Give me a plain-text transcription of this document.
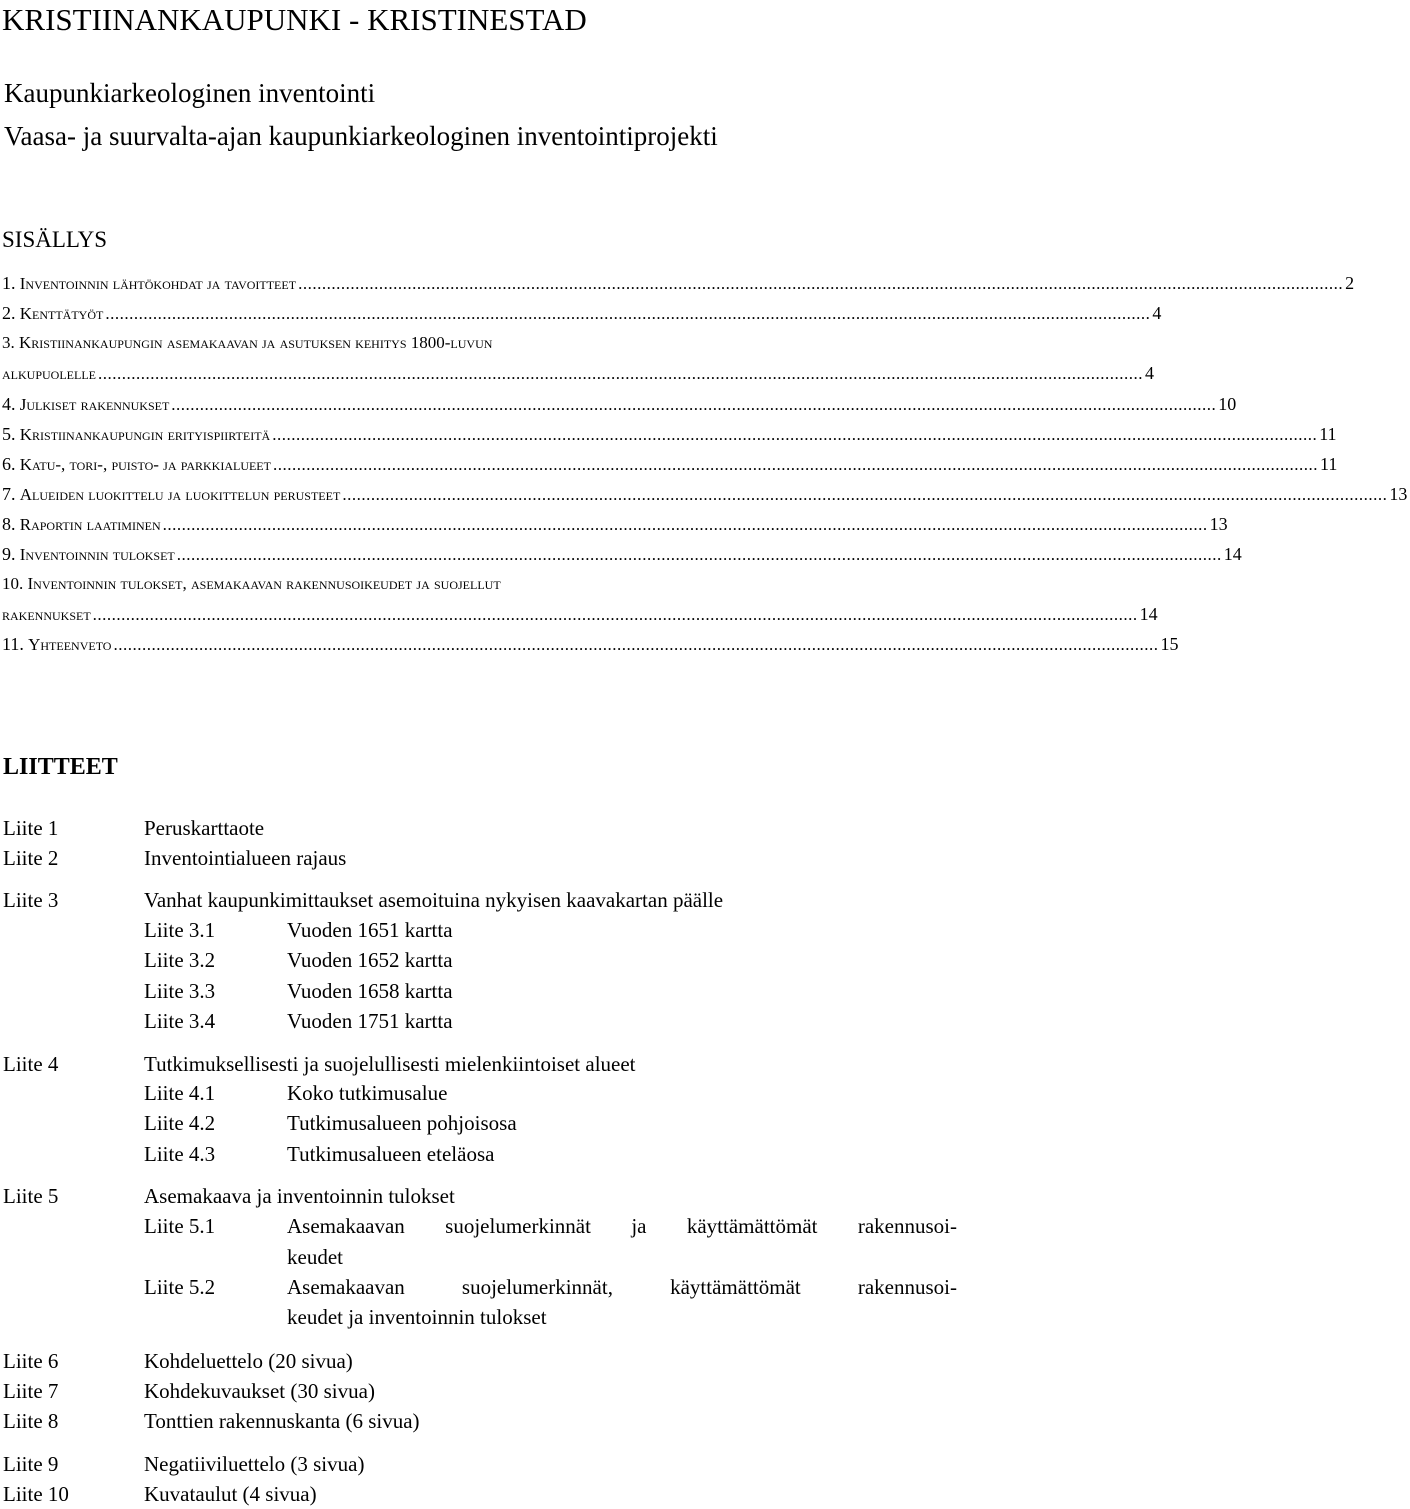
KRISTIINANKAUPUNKI - KRISTINESTAD
Kaupunkiarkeologinen inventointi
Vaasa- ja suurvalta-ajan kaupunkiarkeologinen inventointiprojekti
SISÄLLYS
1. Inventoinnin lähtökohdat ja tavoitteet ............................................................................................................................................................................................................................ 2
2. Kenttätyöt ............................................................................................................................................................................................................................ 4
3. Kristiinankaupungin asemakaavan ja asutuksen kehitys 1800-luvun
alkupuolelle ............................................................................................................................................................................................................................ 4
4. Julkiset rakennukset ............................................................................................................................................................................................................................ 10
5. Kristiinankaupungin erityispiirteitä ............................................................................................................................................................................................................................ 11
6. Katu-, tori-, puisto- ja parkkialueet ............................................................................................................................................................................................................................ 11
7. Alueiden luokittelu ja luokittelun perusteet ............................................................................................................................................................................................................................ 13
8. Raportin laatiminen ............................................................................................................................................................................................................................ 13
9. Inventoinnin tulokset ............................................................................................................................................................................................................................ 14
10. Inventoinnin tulokset, asemakaavan rakennusoikeudet ja suojellut
rakennukset ............................................................................................................................................................................................................................ 14
11. Yhteenveto ............................................................................................................................................................................................................................ 15
LIITTEET
Liite 1	Peruskarttaote
Liite 2	Inventointialueen rajaus
Liite 3	Vanhat kaupunkimittaukset asemoituina nykyisen kaavakartan päälle
Liite 3.1	Vuoden 1651 kartta
Liite 3.2	Vuoden 1652 kartta
Liite 3.3	Vuoden 1658 kartta
Liite 3.4	Vuoden 1751 kartta
Liite 4	Tutkimuksellisesti ja suojelullisesti mielenkiintoiset alueet
Liite 4.1	Koko tutkimusalue
Liite 4.2	Tutkimusalueen pohjoisosa
Liite 4.3	Tutkimusalueen eteläosa
Liite 5	Asemakaava ja inventoinnin tulokset
Liite 5.1	Asemakaavan suojelumerkinnät ja käyttämättömät rakennusoi-
keudet
Liite 5.2	Asemakaavan suojelumerkinnät, käyttämättömät rakennusoi-
keudet ja inventoinnin tulokset
Liite 6	Kohdeluettelo (20 sivua)
Liite 7	Kohdekuvaukset (30 sivua)
Liite 8	Tonttien rakennuskanta (6 sivua)
Liite 9	Negatiiviluettelo (3 sivua)
Liite 10	Kuvataulut (4 sivua)
